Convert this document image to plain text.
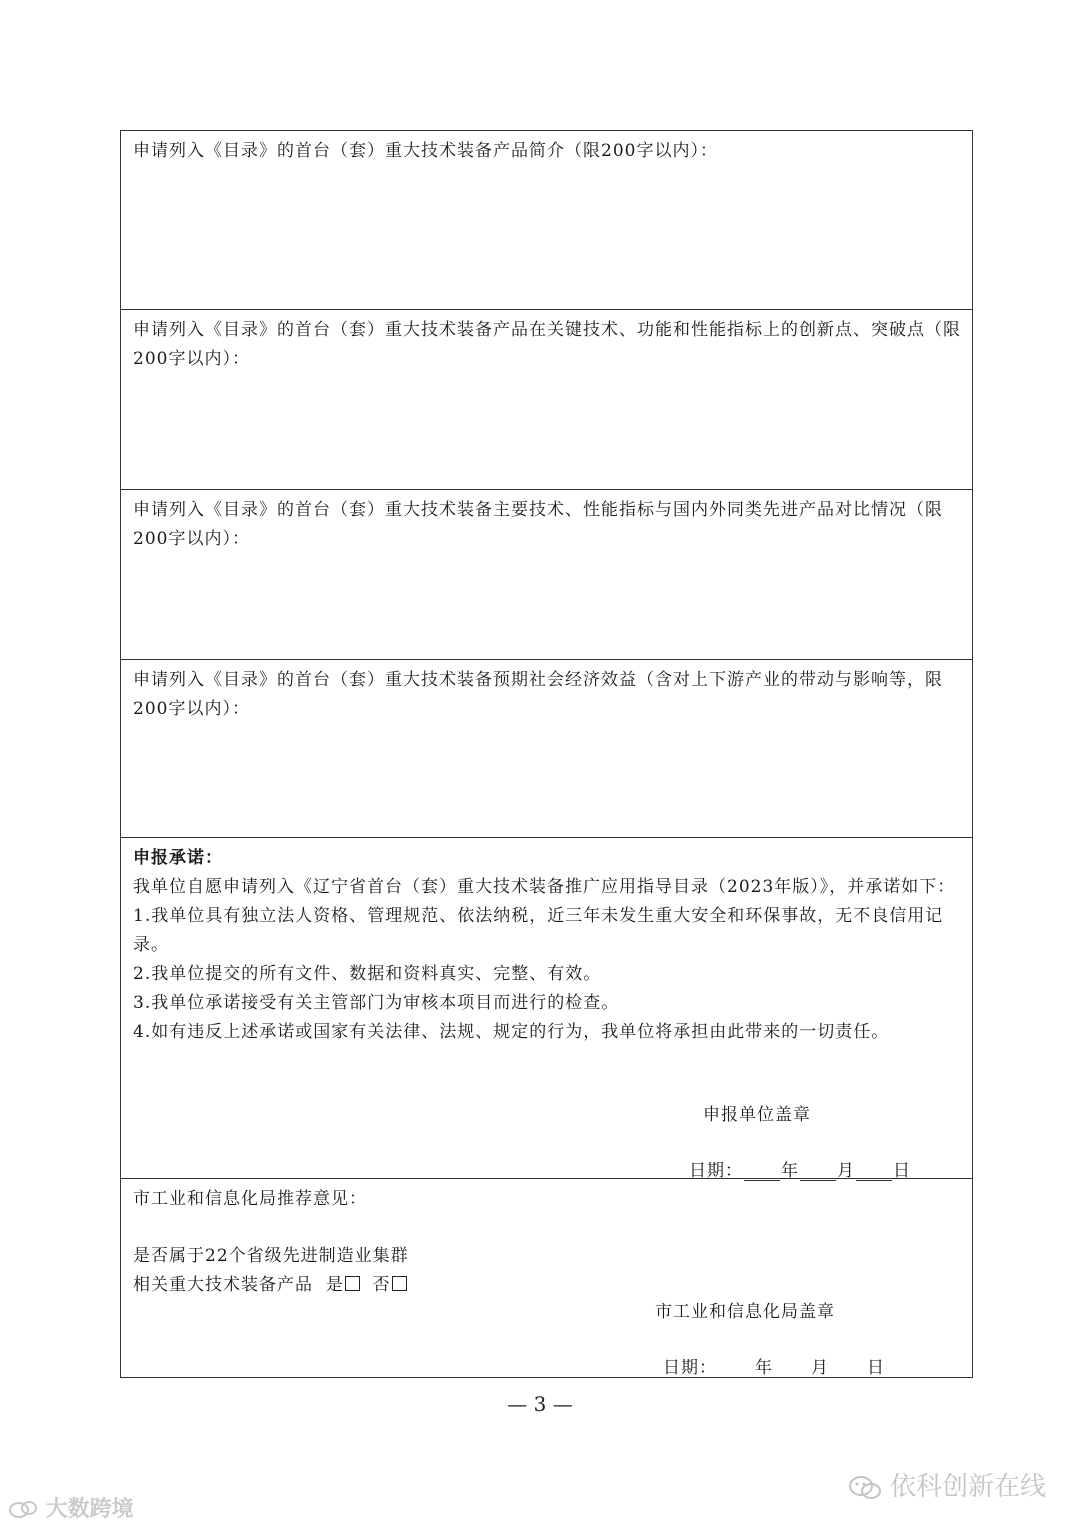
申请列入《目录》的首台（套）重大技术装备产品简介（限200字以内）：

申请列入《目录》的首台（套）重大技术装备产品在关键技术、功能和性能指标上的创新点、突破点（限200字以内）：

申请列入《目录》的首台（套）重大技术装备主要技术、性能指标与国内外同类先进产品对比情况（限200字以内）：

申请列入《目录》的首台（套）重大技术装备预期社会经济效益（含对上下游产业的带动与影响等，限200字以内）：

申报承诺：

我单位自愿申请列入《辽宁省首台（套）重大技术装备推广应用指导目录（2023年版）》，并承诺如下：

1.我单位具有独立法人资格、管理规范、依法纳税，近三年未发生重大安全和环保事故，无不良信用记录。

2.我单位提交的所有文件、数据和资料真实、完整、有效。

3.我单位承诺接受有关主管部门为审核本项目而进行的检查。

4.如有违反上述承诺或国家有关法律、法规、规定的行为，我单位将承担由此带来的一切责任。

申报单位盖章
日期： 年 月 日

市工业和信息化局推荐意见：

是否属于22个省级先进制造业集群

相关重大技术装备产品 是 否

市工业和信息化局盖章
日期： 年 月 日
— 3 —
大数跨境
依科创新在线
